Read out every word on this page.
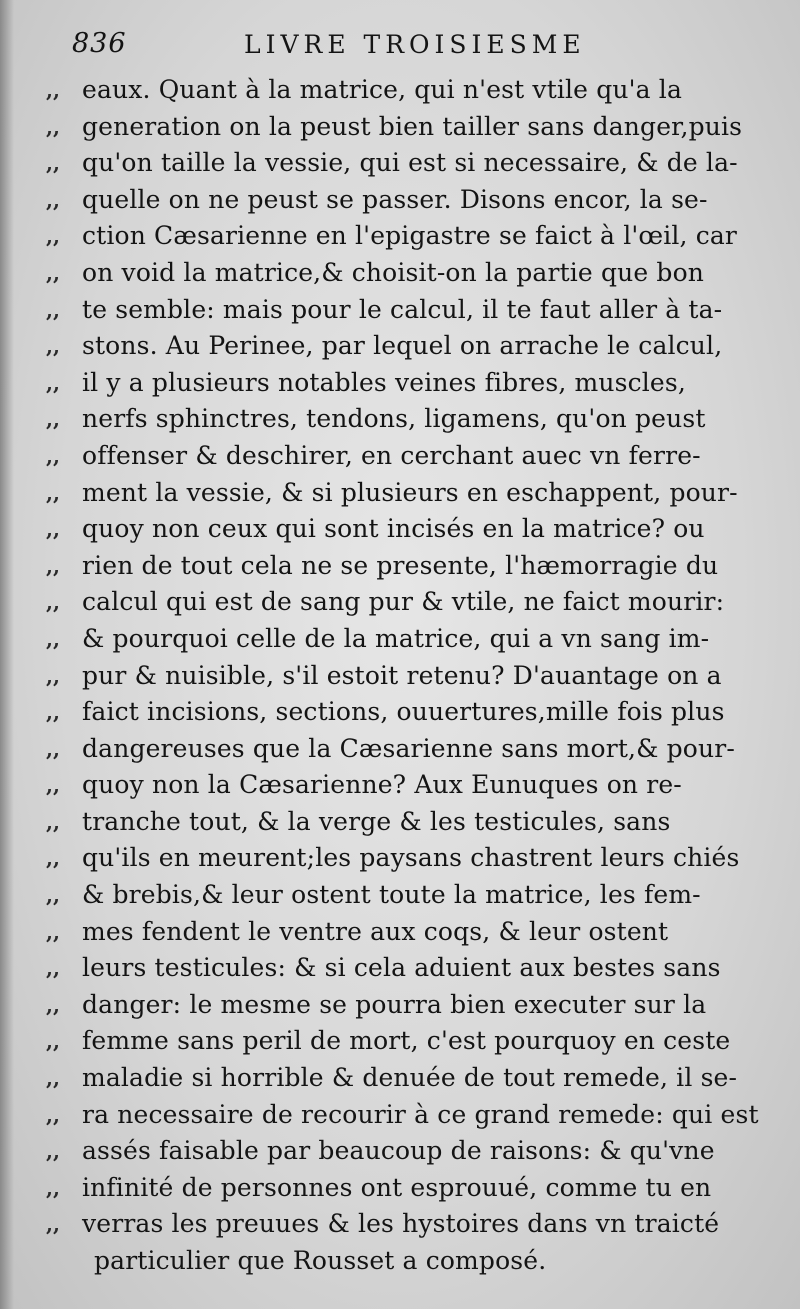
836	LIVRE TROISIESME
,, eaux. Quant à la matrice, qui n'est vtile qu'a la
,, generation on la peust bien tailler sans danger,puis
,, qu'on taille la vessie, qui est si necessaire, & de la-
,, quelle on ne peust se passer. Disons encor, la se-
,, ction Cæsarienne en l'epigastre se faict à l'œil, car
,, on void la matrice,& choisit-on la partie que bon
,, te semble: mais pour le calcul, il te faut aller à ta-
,, stons. Au Perinee, par lequel on arrache le calcul,
,, il y a plusieurs notables veines fibres, muscles,
,, nerfs sphinctres, tendons, ligamens, qu'on peust
,, offenser & deschirer, en cerchant auec vn ferre-
,, ment la vessie, & si plusieurs en eschappent, pour-
,, quoy non ceux qui sont incisés en la matrice? ou
,, rien de tout cela ne se presente, l'hæmorragie du
,, calcul qui est de sang pur & vtile, ne faict mourir:
,, & pourquoi celle de la matrice, qui a vn sang im-
,, pur & nuisible, s'il estoit retenu? D'auantage on a
,, faict incisions, sections, ouuertures,mille fois plus
,, dangereuses que la Cæsarienne sans mort,& pour-
,, quoy non la Cæsarienne? Aux Eunuques on re-
,, tranche tout, & la verge & les testicules, sans
,, qu'ils en meurent;les paysans chastrent leurs chiés
,, & brebis,& leur ostent toute la matrice, les fem-
,, mes fendent le ventre aux coqs, & leur ostent
,, leurs testicules: & si cela aduient aux bestes sans
,, danger: le mesme se pourra bien executer sur la
,, femme sans peril de mort, c'est pourquoy en ceste
,, maladie si horrible & denuée de tout remede, il se-
,, ra necessaire de recourir à ce grand remede: qui est
,, assés faisable par beaucoup de raisons: & qu'vne
,, infinité de personnes ont esprouué, comme tu en
,, verras les preuues & les hystoires dans vn traicté
particulier que Rousset a composé.
